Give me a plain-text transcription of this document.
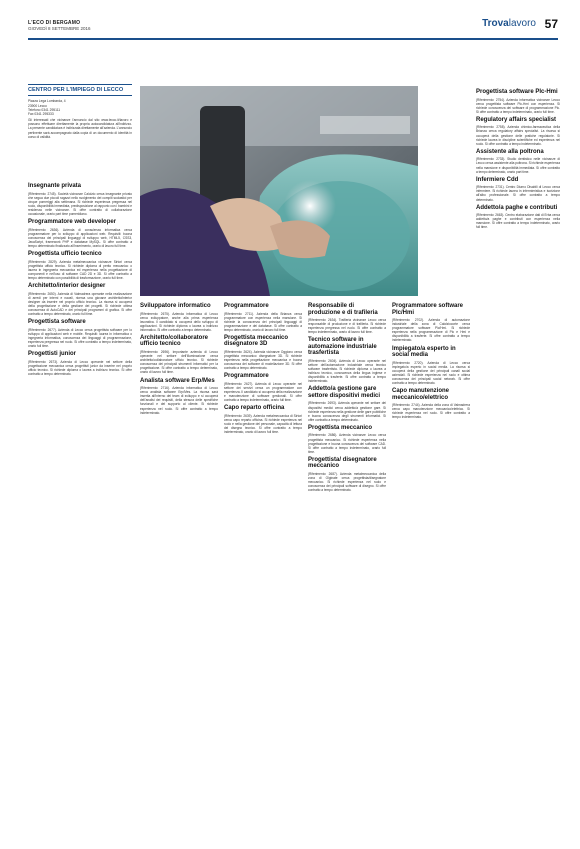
L'ECO DI BERGAMO
GIOVEDÌ 8 SETTEMBRE 2016	Trovalavoro 57
CENTRO PER L'IMPIEGO DI LECCO
Piazza Lega Lombarda, 4
23900 Lecco
Telefono 0341 295111
Fax 0341 295333
Gli interessati che vicinanze l'annuncio dal sito www.lecco.it/lavoro e possono effettuare direttamente la propria autocandidatura all'indirizzo. La presente candidatura è indirizzata direttamente all'azienda. L'annuncio pertinente sarà accompagnato dalla copia di un documento di identità in corso di validità.
Insegnante privata

(Riferimento: 2745). Società vicinanze Calolzio cerca insegnante privato che segua due piccoli ragazzi nello svolgimento dei compiti scolastici per cinque pomeriggi alla settimana. Si richiede esperienza pregressa nel ruolo, disponibilità immediata, predisposizione al rapporto con i bambini e residenza nelle vicinanze. Si offre contratto di collaborazione occasionale, orario part time pomeridiano.

Programmatore web developer

(Riferimento: 2636). Azienda di consulenza informatica cerca programmatore per lo sviluppo di applicazioni web. Requisiti: buona conoscenza dei principali linguaggi di sviluppo web, HTML5, CSS3, JavaScript, framework PHP e database MySQL. Si offre contratto a tempo determinato finalizzato all'inserimento, orario di lavoro full time.

Progettista ufficio tecnico

(Riferimento: 2829). Azienda metalmeccanica vicinanze Sirtori cerca progettista ufficio tecnico. Si richiede diploma di perito meccanico o laurea in ingegneria meccanica ed esperienza nella progettazione di componenti e nell'uso di software CAD 2D e 3D. Si offre contratto a tempo determinato con possibilità di trasformazione, orario full time.

Architetto/interior designer

(Riferimento: 2650). Azienda di Valmadrera operante nella realizzazione di arredi per interni e navali, ricerca una giovane architetto/interior designer da inserire nel proprio ufficio tecnico. La risorsa si occuperà della progettazione e della gestione dei progetti. Si richiede ottima conoscenza di AutoCAD e dei principali programmi di grafica. Si offre contratto a tempo determinato, orario full time.

Progettista software

(Riferimento: 2677). Azienda di Lecco cerca progettista software per lo sviluppo di applicazioni web e mobile. Requisiti: laurea in informatica o ingegneria informatica, conoscenza dei linguaggi di programmazione, esperienza pregressa nel ruolo. Si offre contratto a tempo indeterminato, orario full time.

Progettisti junior

(Riferimento: 2673). Azienda di Lecco operante nel settore della progettazione meccanica cerca progettisti junior da inserire nel proprio ufficio tecnico. Si richiede diploma o laurea a indirizzo tecnico. Si offre contratto a tempo determinato.

Sviluppatore informatico

(Riferimento: 2675). Azienda informatica di Lecco cerca sviluppatore, anche alla prima esperienza lavorativa. Il candidato si occuperà dello sviluppo di applicazioni. Si richiede diploma o laurea a indirizzo informatico. Si offre contratto a tempo determinato.

Architetto/collaboratore ufficio tecnico

(Riferimento: 2696). Importante azienda di Lecco operante nel settore dell'illuminazione cerca architetto/collaboratore ufficio tecnico. Si richiede conoscenza dei principali strumenti informatici per la progettazione. Si offre contratto a tempo determinato, orario di lavoro full time.

Analista software Erp/Mes

(Riferimento: 2716). Azienda informatica di Lecco cerca analista software Erp/Mes. La risorsa sarà inserita all'interno del team di sviluppo e si occuperà dell'analisi dei requisiti, della stesura delle specifiche funzionali e del supporto al cliente. Si richiede esperienza nel ruolo. Si offre contratto a tempo indeterminato.

Programmatore

(Riferimento: 2711). Azienda della Brianza cerca programmatore con esperienza nella mansione. Si richiede la conoscenza dei principali linguaggi di programmazione e dei database. Si offre contratto a tempo determinato, orario di lavoro full time.

Progettista meccanico disegnatore 3D

(Riferimento: 2624). Azienda vicinanze Oggiono cerca progettista meccanico disegnatore 3D. Si richiede esperienza nella progettazione meccanica e buona conoscenza dei software di modellazione 3D. Si offre contratto a tempo determinato.

Programmatore

(Riferimento: 2627). Azienda di Lecco operante nel settore dei servizi cerca un programmatore con esperienza. Il candidato si occuperà della realizzazione e manutenzione di software gestionali. Si offre contratto a tempo indeterminato, orario full time.

Capo reparto officina

(Riferimento: 2639). Azienda metalmeccanica di Sirtori cerca capo reparto officina. Si richiede esperienza nel ruolo e nella gestione del personale, capacità di lettura del disegno tecnico. Si offre contratto a tempo indeterminato, orario di lavoro full time.

Responsabile di produzione e di trafileria

(Riferimento: 2634). Trafileria vicinanze Lecco cerca responsabile di produzione e di trafileria. Si richiede esperienza pregressa nel ruolo. Si offre contratto a tempo indeterminato, orario di lavoro full time.

Tecnico software in automazione industriale trasfertista

(Riferimento: 2604). Azienda di Lecco operante nel settore dell'automazione industriale cerca tecnico software trasfertista. Si richiede diploma o laurea a indirizzo tecnico, conoscenza della lingua inglese e disponibilità a trasferte. Si offre contratto a tempo indeterminato.

Addetto/a gestione gare settore dispositivi medici

(Riferimento: 2693). Azienda operante nel settore dei dispositivi medici cerca addetto/a gestione gare. Si richiede esperienza nella gestione delle gare pubbliche e buona conoscenza degli strumenti informatici. Si offre contratto a tempo determinato.

Progettista meccanico

(Riferimento: 2686). Azienda vicinanze Lecco cerca progettista meccanico. Si richiede esperienza nella progettazione e buona conoscenza dei software CAD. Si offre contratto a tempo indeterminato, orario full time.

Progettista/ disegnatore meccanico

(Riferimento: 2687). Azienda metalmeccanica della zona di Olginate cerca progettista/disegnatore meccanico. Si richiede esperienza nel ruolo e conoscenza dei principali software di disegno. Si offre contratto a tempo determinato.

Programmatore software Plc/Hmi

(Riferimento: 2702). Azienda di automazione industriale della zona di Calolziocorte cerca programmatore software Plc/Hmi. Si richiede esperienza nella programmazione di Plc e Hmi e disponibilità a trasferte. Si offre contratto a tempo indeterminato.

Impiegato/a esperto in social media

(Riferimento: 2720). Azienda di Lecco cerca impiegato/a esperto in social media. La risorsa si occuperà della gestione dei principali canali social aziendali. Si richiede esperienza nel ruolo e ottima conoscenza dei principali social network. Si offre contratto a tempo determinato.

Capo manutenzione meccanico/elettrico

(Riferimento: 2744). Azienda della zona di Valmadrera cerca capo manutenzione meccanico/elettrico. Si richiede esperienza nel ruolo. Si offre contratto a tempo indeterminato.

Progettista software Plc-Hmi

(Riferimento: 2754). Azienda informatica vicinanze Lecco cerca progettista software Plc-Hmi con esperienza. Si richiede conoscenza dei software di programmazione Plc. Si offre contratto a tempo indeterminato, orario full time.

Regulatory affairs specialist

(Riferimento: 2758). Azienda chimico-farmaceutica della Brianza cerca regulatory affairs specialist. La risorsa si occuperà della gestione delle pratiche regolatorie. Si richiede laurea in discipline scientifiche ed esperienza nel ruolo. Si offre contratto a tempo indeterminato.

Assistente alla poltrona

(Riferimento: 2733). Studio dentistico nelle vicinanze di Lecco cerca assistente alla poltrona. Si richiede esperienza nella mansione e disponibilità immediata. Si offre contratto a tempo determinato, orario part time.

Infermiere Cdd

(Riferimento: 2731). Centro Diurno Disabili di Lecco cerca infermiere. Si richiede laurea in infermieristica e iscrizione all'albo professionale. Si offre contratto a tempo determinato.

Addetto/a paghe e contributi

(Riferimento: 2663). Centro elaborazione dati di Erba cerca addetto/a paghe e contributi con esperienza nella mansione. Si offre contratto a tempo indeterminato, orario full time.
